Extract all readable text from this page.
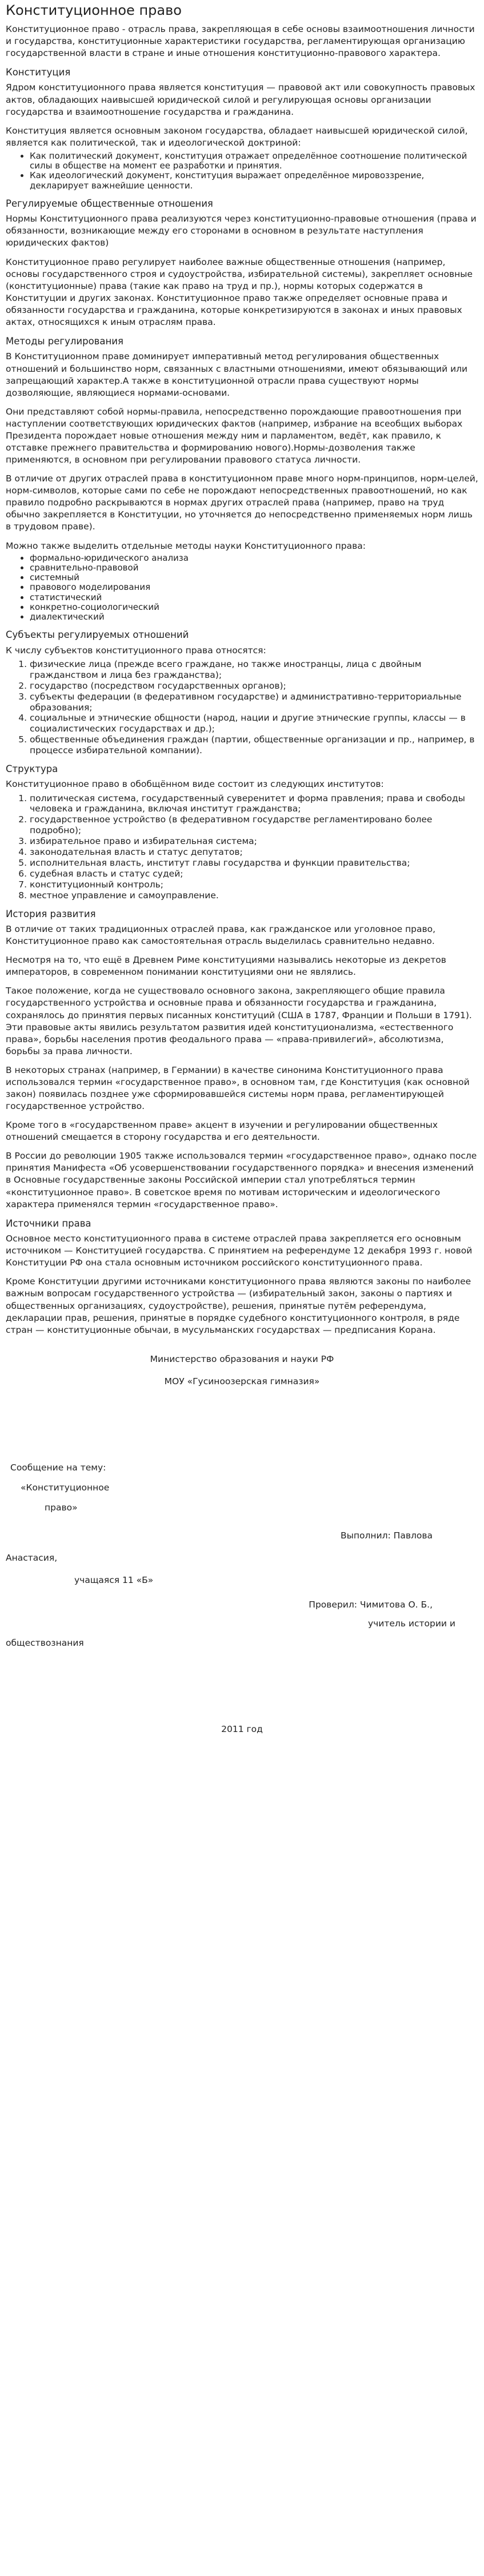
Конституционное право

Конституционное право - отрасль права, закрепляющая в себе основы взаимоотношения личности и государства, конституционные характеристики государства, регламентирующая организацию государственной власти в стране и иные отношения конституционно-правового характера.

Конституция

Ядром конституционного права является конституция — правовой акт или совокупность правовых актов, обладающих наивысшей юридической силой и регулирующая основы организации государства и взаимоотношение государства и гражданина.

Конституция является основным законом государства, обладает наивысшей юридической силой, является как политической, так и идеологической доктриной:

• Как политический документ, конституция отражает определённое соотношение политической силы в обществе на момент ее разработки и принятия.
• Как идеологический документ, конституция выражает определённое мировоззрение, декларирует важнейшие ценности.
Регулируемые общественные отношения

Нормы Конституционного права реализуются через конституционно-правовые отношения (права и обязанности, возникающие между его сторонами в основном в результате наступления юридических фактов)

Конституционное право регулирует наиболее важные общественные отношения (например, основы государственного строя и судоустройства, избирательной системы), закрепляет основные (конституционные) права (такие как право на труд и пр.), нормы которых содержатся в Конституции и других законах. Конституционное право также определяет основные права и обязанности государства и гражданина, которые конкретизируются в законах и иных правовых актах, относящихся к иным отраслям права.

Методы регулирования

В Конституционном праве доминирует императивный метод регулирования общественных отношений и большинство норм, связанных с властными отношениями, имеют обязывающий или запрещающий характер.А также в конституционной отрасли права существуют нормы дозволяющие, являющиеся нормами-основами.

Они представляют собой нормы-правила, непосредственно порождающие правоотношения при наступлении соответствующих юридических фактов (например, избрание на всеобщих выборах Президента порождает новые отношения между ним и парламентом, ведёт, как правило, к отставке прежнего правительства и формированию нового).Нормы-дозволения также применяются, в основном при регулировании правового статуса личности.

В отличие от других отраслей права в конституционном праве много норм-принципов, норм-целей, норм-символов, которые сами по себе не порождают непосредственных правоотношений, но как правило подробно раскрываются в нормах других отраслей права (например, право на труд обычно закрепляется в Конституции, но уточняется до непосредственно применяемых норм лишь в трудовом праве).

Можно также выделить отдельные методы науки Конституционного права:

• формально-юридического анализа
• сравнительно-правовой
• системный
• правового моделирования
• статистический
• конкретно-социологический
• диалектический
Субъекты регулируемых отношений

К числу субъектов конституционного права относятся:

1. физические лица (прежде всего граждане, но также иностранцы, лица с двойным гражданством и лица без гражданства);
2. государство (посредством государственных органов);
3. субъекты федерации (в федеративном государстве) и административно-территориальные образования;
4. социальные и этнические общности (народ, нации и другие этнические группы, классы — в социалистических государствах и др.);
5. общественные объединения граждан (партии, общественные организации и пр., например, в процессе избирательной компании).
Структура

Конституционное право в обобщённом виде состоит из следующих институтов:

1. политическая система, государственный суверенитет и форма правления; права и свободы человека и гражданина, включая институт гражданства;
2. государственное устройство (в федеративном государстве регламентировано более подробно);
3. избирательное право и избирательная система;
4. законодательная власть и статус депутатов;
5. исполнительная власть, институт главы государства и функции правительства;
6. судебная власть и статус судей;
7. конституционный контроль;
8. местное управление и самоуправление.
История развития

В отличие от таких традиционных отраслей права, как гражданское или уголовное право, Конституционное право как самостоятельная отрасль выделилась сравнительно недавно.

Несмотря на то, что ещё в Древнем Риме конституциями назывались некоторые из декретов императоров, в современном понимании конституциями они не являлись.

Такое положение, когда не существовало основного закона, закрепляющего общие правила государственного устройства и основные права и обязанности государства и гражданина, сохранялось до принятия первых писанных конституций (США в 1787, Франции и Польши в 1791). Эти правовые акты явились результатом развития идей конституционализма, «естественного права», борьбы населения против феодального права — «права-привилегий», абсолютизма, борьбы за права личности.

В некоторых странах (например, в Германии) в качестве синонима Конституционного права использовался термин «государственное право», в основном там, где Конституция (как основной закон) появилась позднее уже сформировавшейся системы норм права, регламентирующей государственное устройство.

Кроме того в «государственном праве» акцент в изучении и регулировании общественных отношений смещается в сторону государства и его деятельности.

В России до революции 1905 также использовался термин «государственное право», однако после принятия Манифеста «Об усовершенствовании государственного порядка» и внесения изменений в Основные государственные законы Российской империи стал употребляться термин «конституционное право». В советское время по мотивам историческим и идеологического характера применялся термин «государственное право».

Источники права

Основное место конституционного права в системе отраслей права закрепляется его основным источником — Конституцией государства. С принятием на референдуме 12 декабря 1993 г. новой Конституции РФ она стала основным источником российского конституционного права.

Кроме Конституции другими источниками конституционного права являются законы по наиболее важным вопросам государственного устройства — (избирательный закон, законы о партиях и общественных организациях, судоустройстве), решения, принятые путём референдума, декларации прав, решения, принятые в порядке судебного конституционного контроля, в ряде стран — конституционные обычаи, в мусульманских государствах — предписания Корана.

Министерство образования и науки РФ

МОУ «Гусиноозерская гимназия»

Сообщение на тему:

«Конституционное

право»

Выполнил: Павлова

Анастасия,

учащаяся 11 «Б»

Проверил: Чимитова О. Б.,

учитель истории и

обществознания

2011 год
